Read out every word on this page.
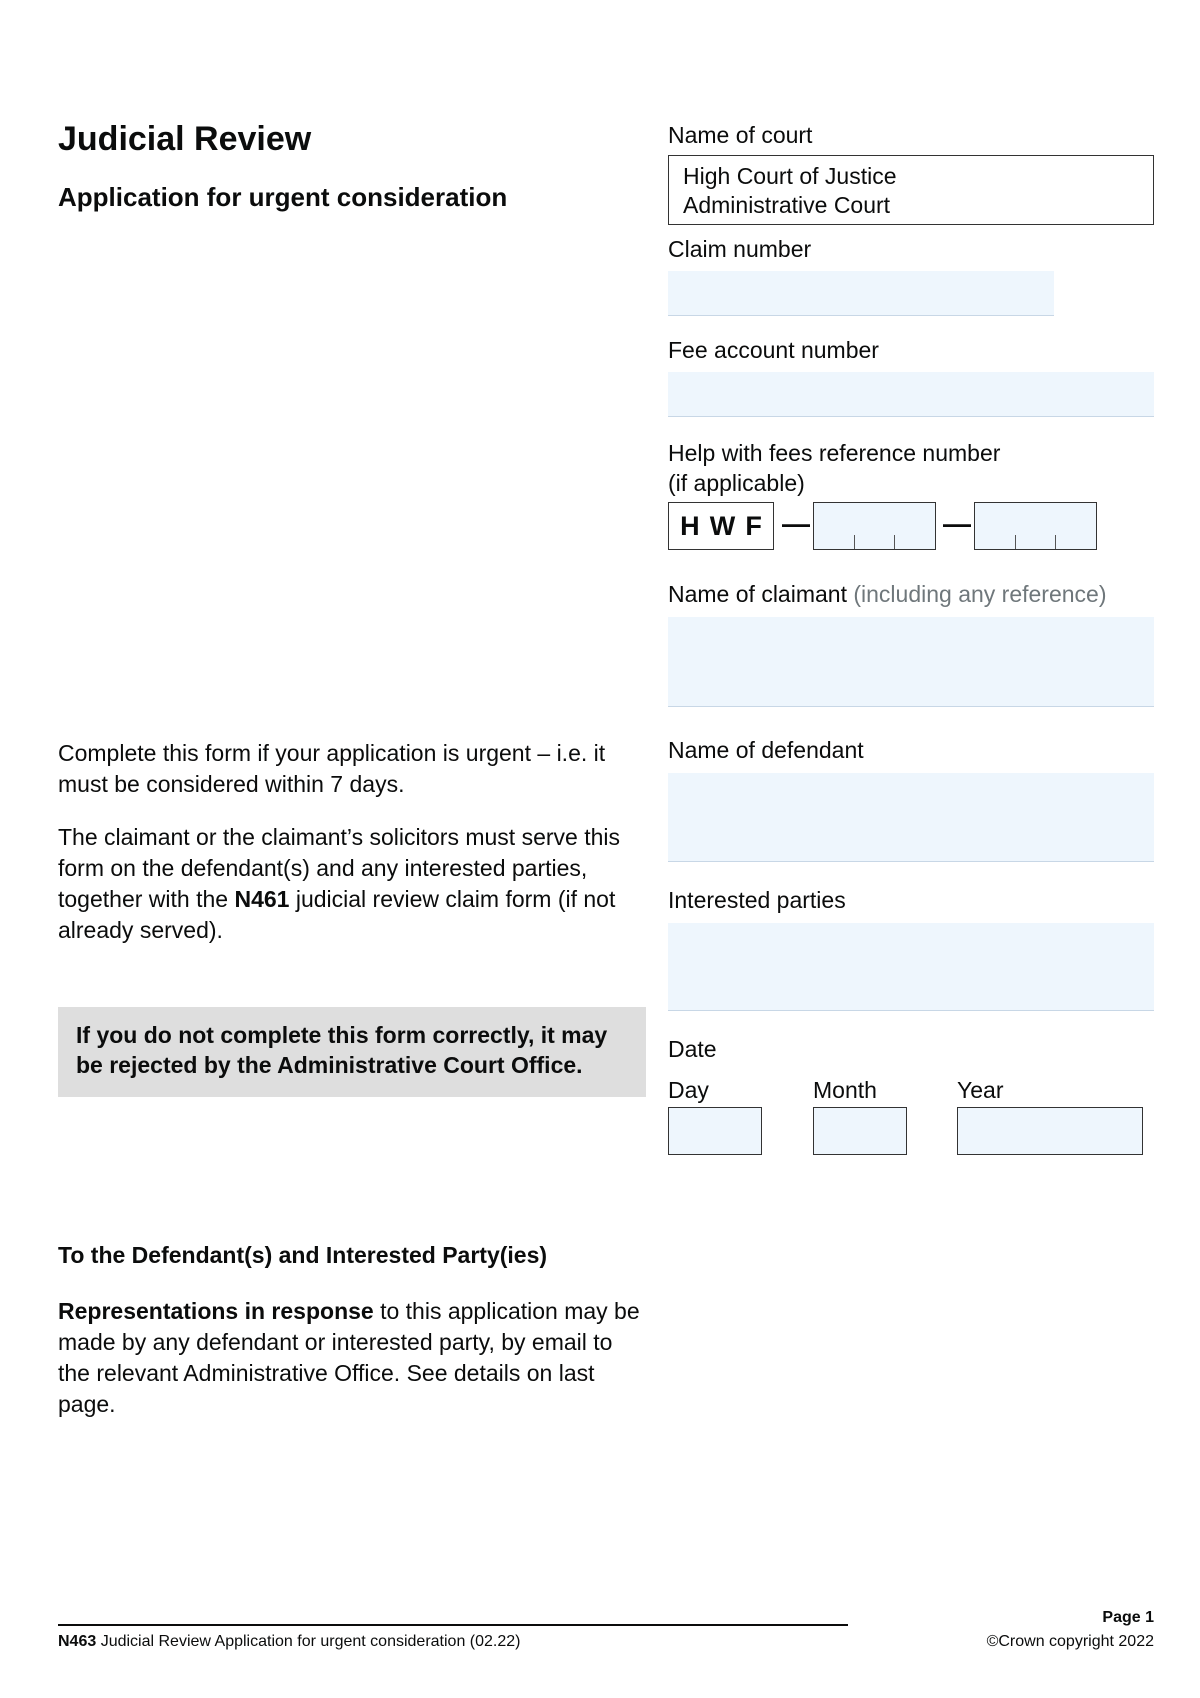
Judicial Review
Application for urgent consideration
Name of court
High Court of Justice
Administrative Court
Claim number
Fee account number
Help with fees reference number
(if applicable)
H W F —	—
Name of claimant (including any reference)
Name of defendant
Interested parties
Date
Day	Month	Year

Complete this form if your application is urgent – i.e. it must be considered within 7 days.

The claimant or the claimant’s solicitors must serve this form on the defendant(s) and any interested parties, together with the N461 judicial review claim form (if not already served).

If you do not complete this form correctly, it may be rejected by the Administrative Court Office.
To the Defendant(s) and Interested Party(ies)

Representations in response to this application may be made by any defendant or interested party, by email to the relevant Administrative Office. See details on last page.

N463 Judicial Review Application for urgent consideration (02.22)
Page 1
©Crown copyright 2022
